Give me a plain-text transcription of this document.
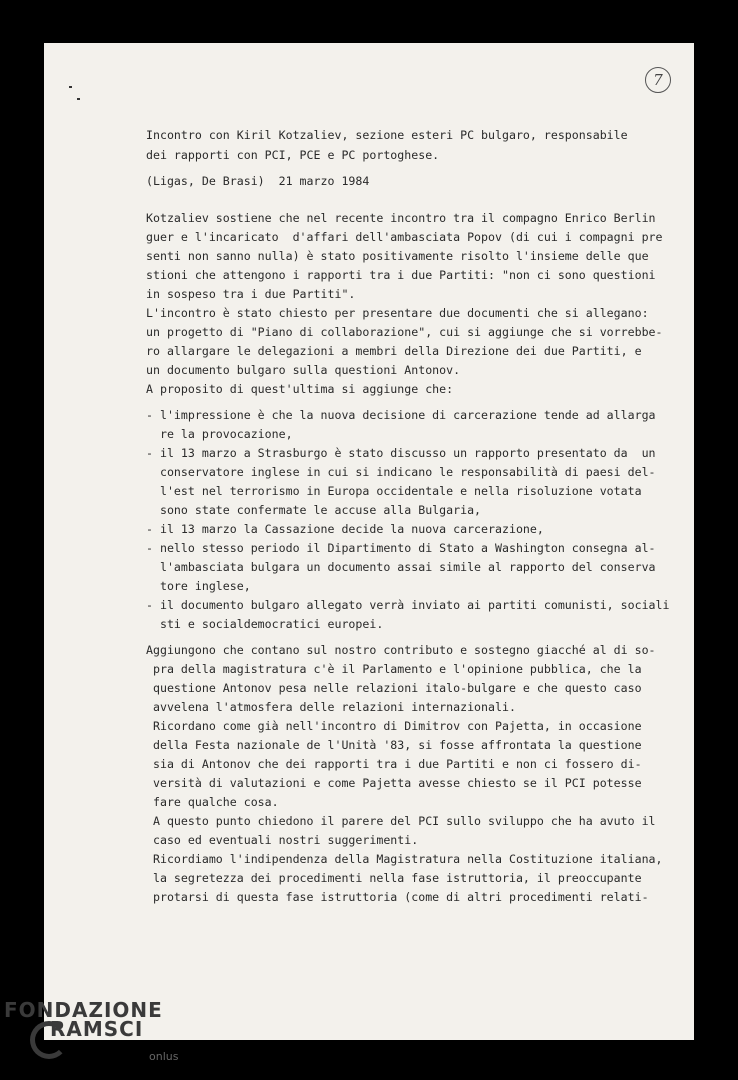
7
Incontro con Kiril Kotzaliev, sezione esteri PC bulgaro, responsabile
dei rapporti con PCI, PCE e PC portoghese.
(Ligas, De Brasi)  21 marzo 1984
Kotzaliev sostiene che nel recente incontro tra il compagno Enrico Berlin
guer e l'incaricato  d'affari dell'ambasciata Popov (di cui i compagni pre
senti non sanno nulla) è stato positivamente risolto l'insieme delle que
stioni che attengono i rapporti tra i due Partiti: "non ci sono questioni
in sospeso tra i due Partiti".
L'incontro è stato chiesto per presentare due documenti che si allegano:
un progetto di "Piano di collaborazione", cui si aggiunge che si vorrebbe-
ro allargare le delegazioni a membri della Direzione dei due Partiti, e
un documento bulgaro sulla questioni Antonov.
A proposito di quest'ultima si aggiunge che:
- l'impressione è che la nuova decisione di carcerazione tende ad allarga
re la provocazione,
- il 13 marzo a Strasburgo è stato discusso un rapporto presentato da  un
conservatore inglese in cui si indicano le responsabilità di paesi del-
l'est nel terrorismo in Europa occidentale e nella risoluzione votata
sono state confermate le accuse alla Bulgaria,
- il 13 marzo la Cassazione decide la nuova carcerazione,
- nello stesso periodo il Dipartimento di Stato a Washington consegna al-
l'ambasciata bulgara un documento assai simile al rapporto del conserva
tore inglese,
- il documento bulgaro allegato verrà inviato ai partiti comunisti, sociali
sti e socialdemocratici europei.
Aggiungono che contano sul nostro contributo e sostegno giacché al di so-
pra della magistratura c'è il Parlamento e l'opinione pubblica, che la
questione Antonov pesa nelle relazioni italo-bulgare e che questo caso
avvelena l'atmosfera delle relazioni internazionali.
Ricordano come già nell'incontro di Dimitrov con Pajetta, in occasione
della Festa nazionale de l'Unità '83, si fosse affrontata la questione
sia di Antonov che dei rapporti tra i due Partiti e non ci fossero di-
versità di valutazioni e come Pajetta avesse chiesto se il PCI potesse
fare qualche cosa.
A questo punto chiedono il parere del PCI sullo sviluppo che ha avuto il
caso ed eventuali nostri suggerimenti.
Ricordiamo l'indipendenza della Magistratura nella Costituzione italiana,
la segretezza dei procedimenti nella fase istruttoria, il preoccupante
protarsi di questa fase istruttoria (come di altri procedimenti relati-
FONDAZIONE
RAMSCI
onlus
